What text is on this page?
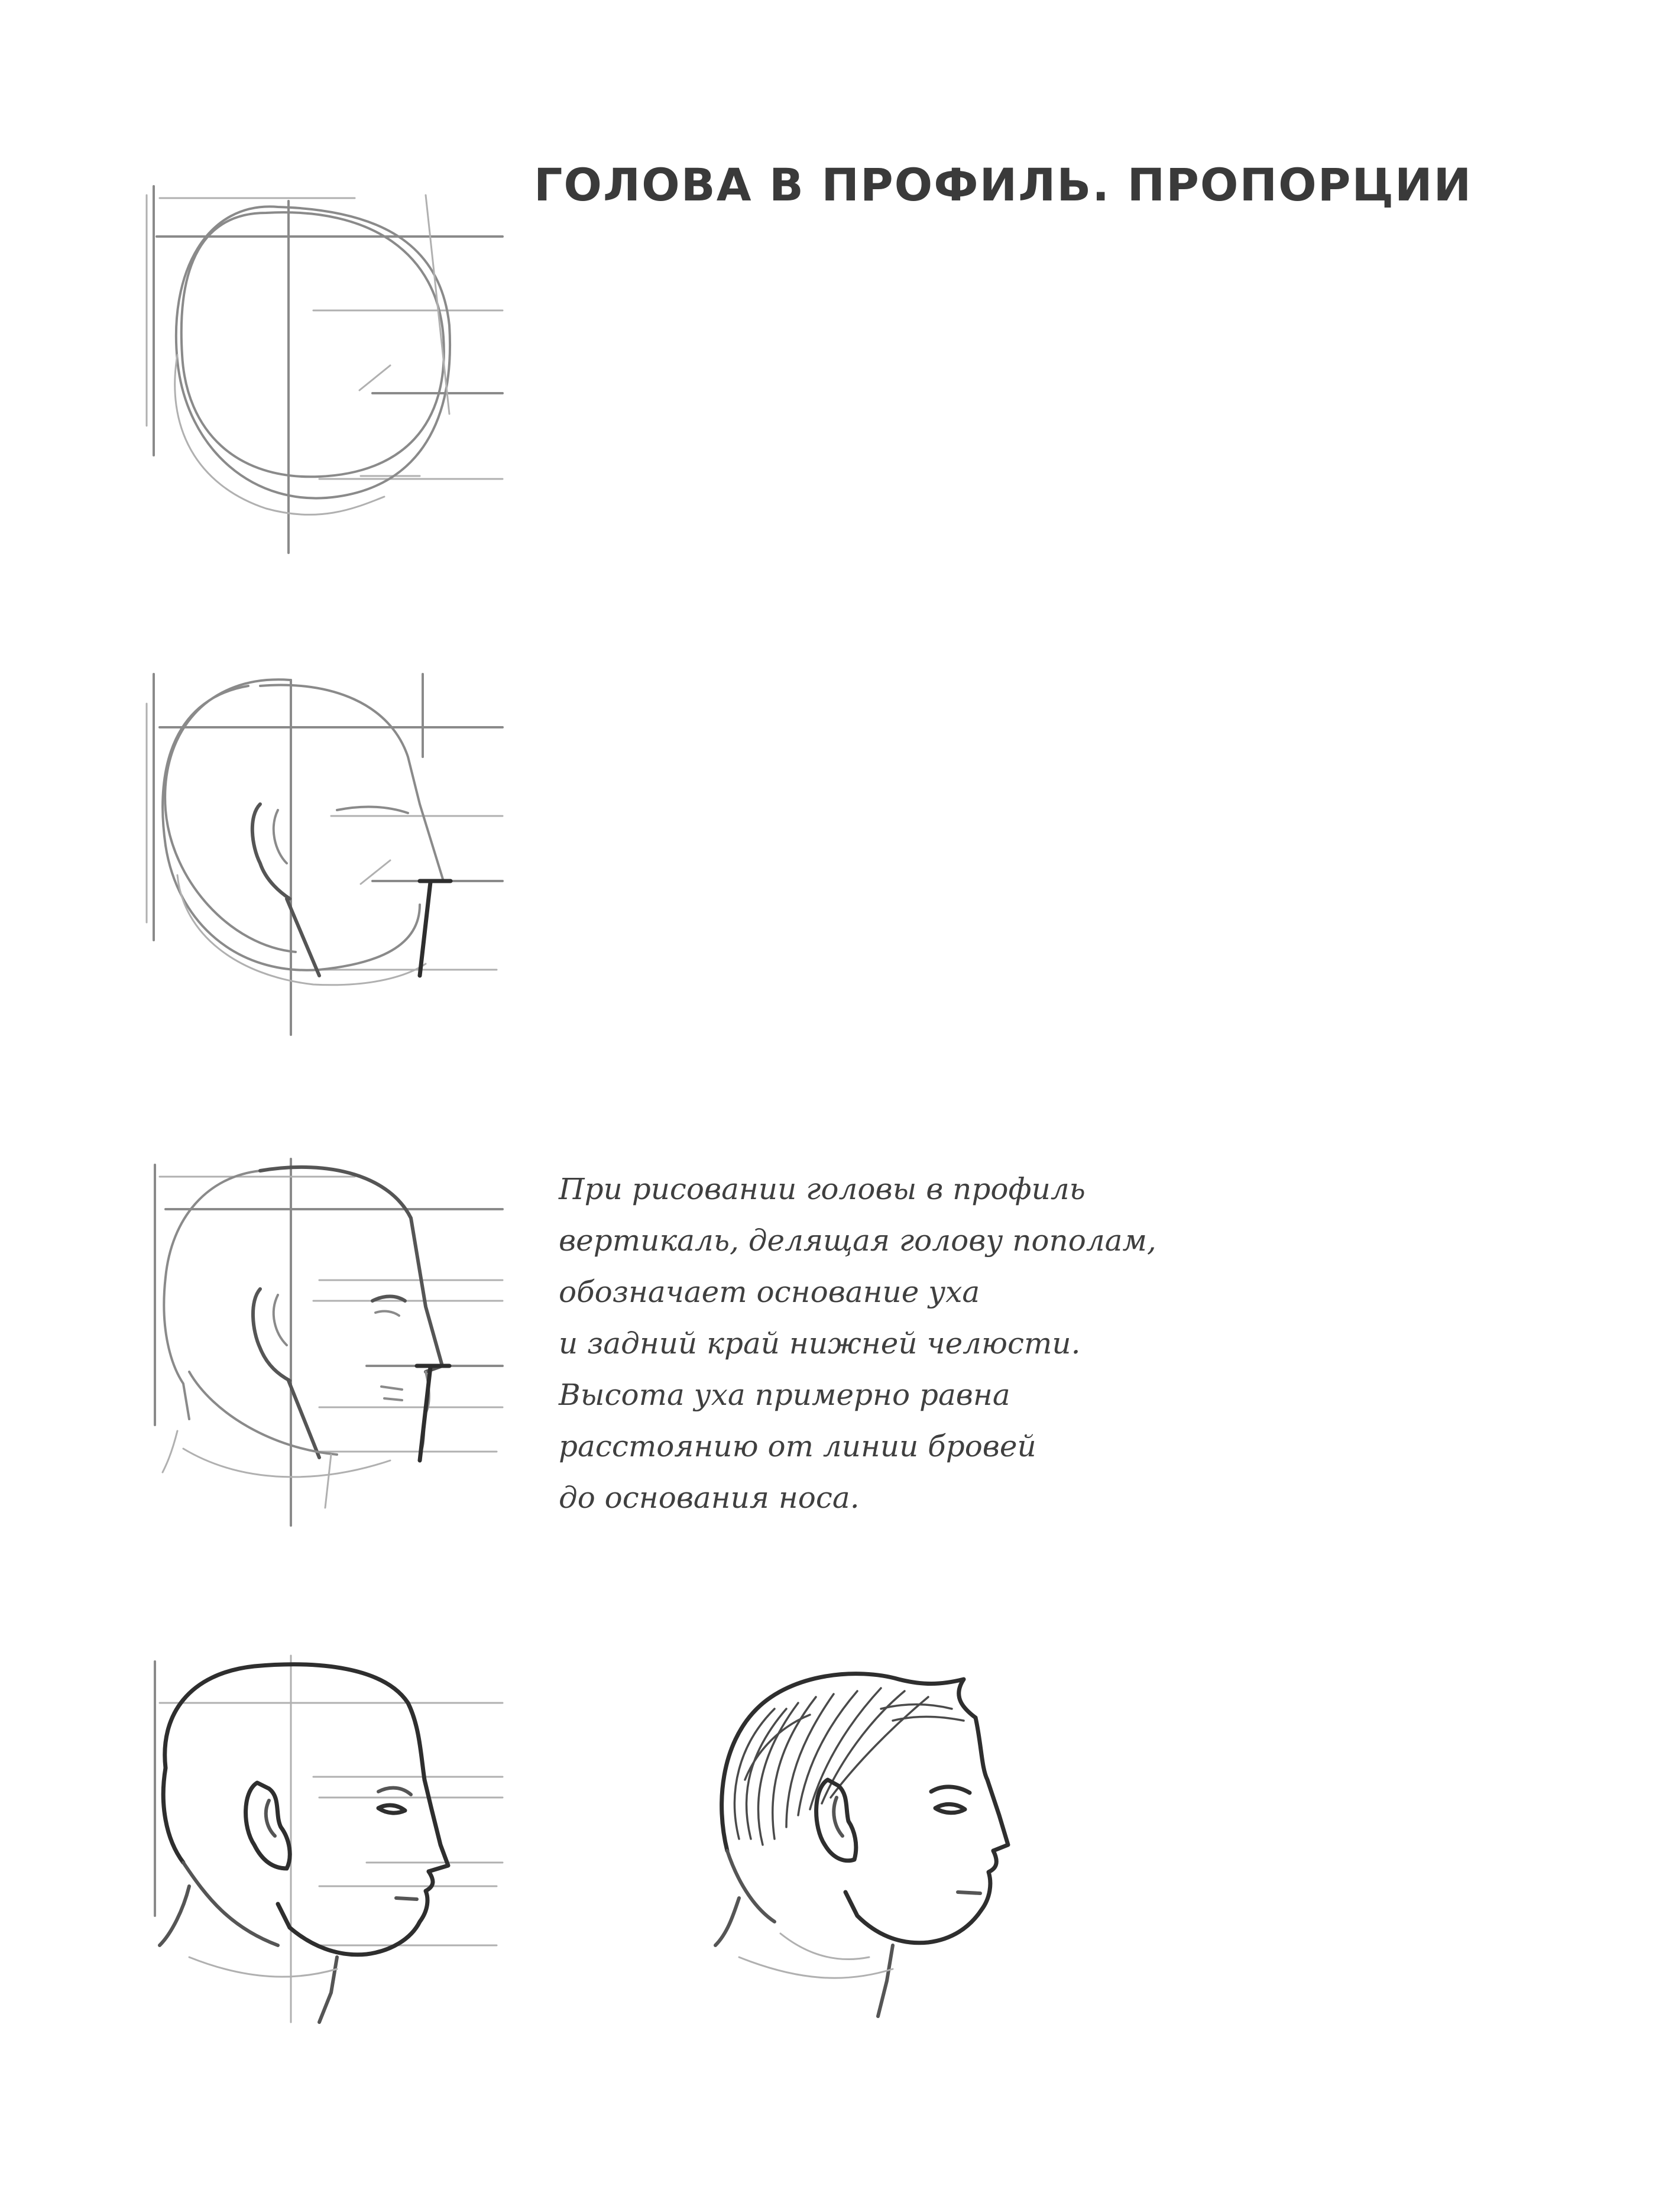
ГОЛОВА В ПРОФИЛЬ. ПРОПОРЦИИ
При рисовании головы в профиль
вертикаль, делящая голову пополам,
обозначает основание уха
и задний край нижней челюсти.
Высота уха примерно равна
расстоянию от линии бровей
до основания носа.
